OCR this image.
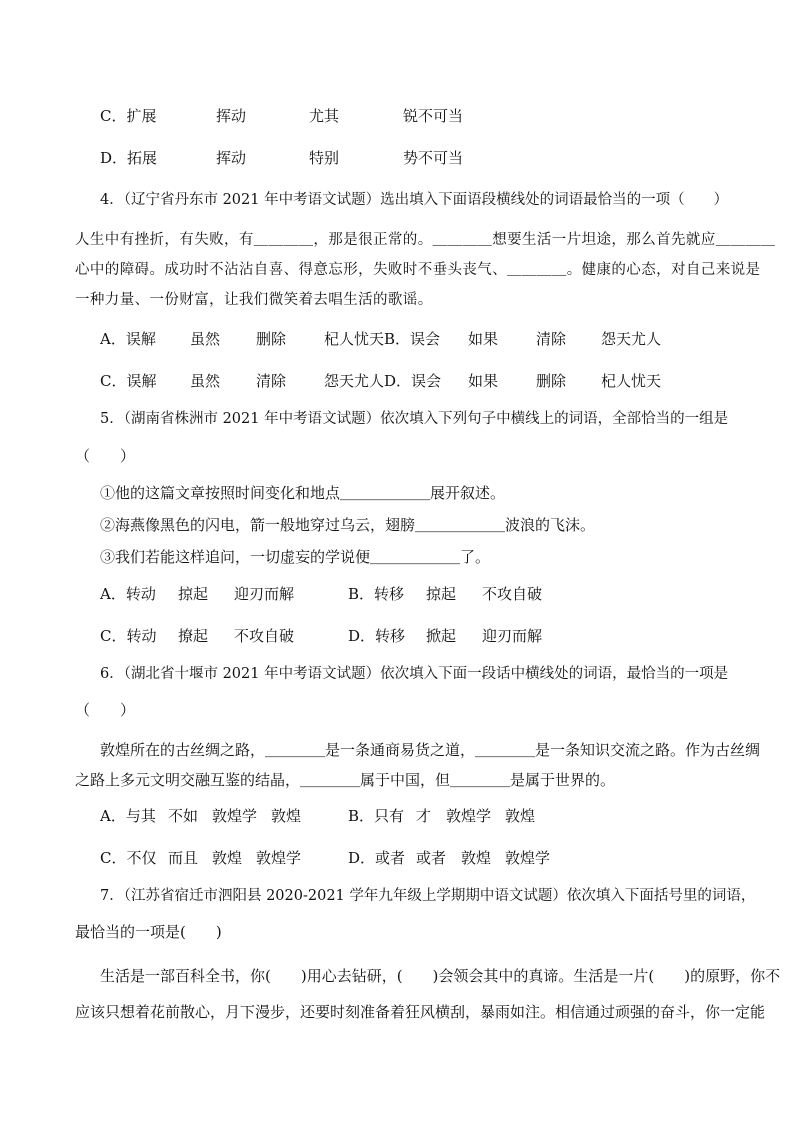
C．扩展	挥动	尤其	锐不可当
D．拓展	挥动	特别	势不可当
4．（辽宁省丹东市 2021 年中考语文试题）选出填入下面语段横线处的词语最恰当的一项（　　）
人生中有挫折，有失败，有＿＿＿＿，那是很正常的。＿＿＿＿想要生活一片坦途，那么首先就应＿＿＿＿
心中的障碍。成功时不沾沾自喜、得意忘形，失败时不垂头丧气、＿＿＿＿。健康的心态，对自己来说是
一种力量、一份财富，让我们微笑着去唱生活的歌谣。
A．误解 虽然 删除	杞人忧天B．误会 如果	清除 怨天尤人
C．误解 虽然 清除	怨天尤人D．误会 如果	删除 杞人忧天
5．（湖南省株洲市 2021 年中考语文试题）依次填入下列句子中横线上的词语，全部恰当的一组是
（　　）
①他的这篇文章按照时间变化和地点＿＿＿＿＿＿展开叙述。
②海燕像黑色的闪电，箭一般地穿过乌云，翅膀＿＿＿＿＿＿波浪的飞沫。
③我们若能这样追问，一切虚妄的学说便＿＿＿＿＿＿了。
A．转动 掠起 迎刃而解	B．转移 掠起 不攻自破
C．转动 撩起 不攻自破	D．转移 掀起 迎刃而解
6．（湖北省十堰市 2021 年中考语文试题）依次填入下面一段话中横线处的词语，最恰当的一项是
（　　）
敦煌所在的古丝绸之路，＿＿＿＿是一条通商易货之道，＿＿＿＿是一条知识交流之路。作为古丝绸
之路上多元文明交融互鉴的结晶，＿＿＿＿属于中国，但＿＿＿＿是属于世界的。
A．与其 不如 敦煌学 敦煌	B．只有 才 敦煌学 敦煌
C．不仅 而且 敦煌 敦煌学	D．或者 或者 敦煌 敦煌学
7．（江苏省宿迁市泗阳县 2020-2021 学年九年级上学期期中语文试题）依次填入下面括号里的词语，
最恰当的一项是(　　)
生活是一部百科全书，你(　　)用心去钻研，(　　)会领会其中的真谛。生活是一片(　　)的原野，你不
应该只想着花前散心，月下漫步，还要时刻准备着狂风横刮，暴雨如注。相信通过顽强的奋斗，你一定能
